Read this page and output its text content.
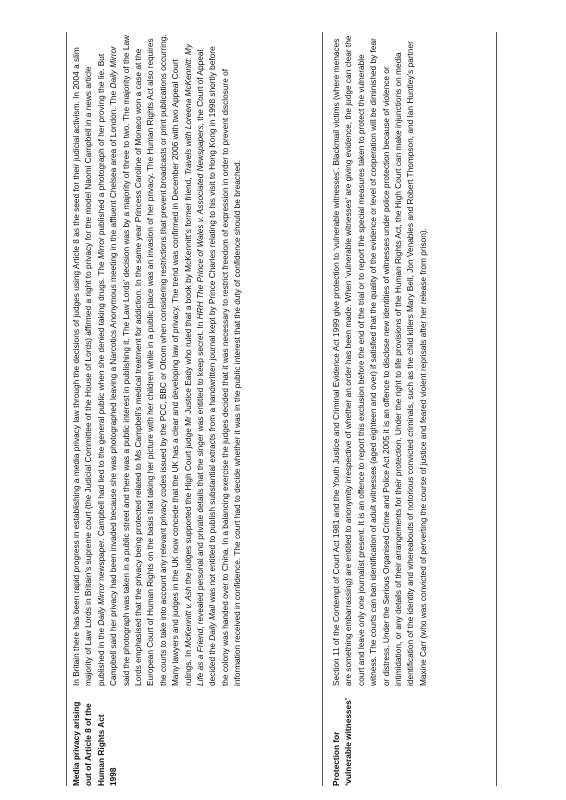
Media privacy arising out of Article 8 of the Human Rights Act 1998
In Britain there has been rapid progress in establishing a media privacy law through the decisions of judges using Article 8 as the seed for their judicial activism. In 2004 a slim majority of Law Lords in Britain’s supreme court (the Judicial Committee of the House of Lords) affirmed a right to privacy for the model Naomi Campbell in a news article published in the Daily Mirror newspaper. Campbell had lied to the general public when she denied taking drugs. The Mirror published a photograph of her proving the lie. But Campbell said her privacy had been invaded because she was photographed leaving a Narcotics Anonymous meeting in the affluent Chelsea area of London. The Daily Mirror said the photograph was taken in a public street and there was a public interest in publishing it. The Law Lords’ decision was by a majority of three to two. The majority of the Law Lords emphasised that the privacy being protected related to Ms Campbell’s medical treatment for addiction. In the same year Princess Caroline of Monaco won a case at the European Court of Human Rights on the basis that taking her picture with her children while in a public place was an invasion of her privacy. The Human Rights Act also requires the courts to take into account any relevant privacy codes issued by the PCC, BBC or Ofcom when considering restrictions that prevent broadcasts or print publications occurring. Many lawyers and judges in the UK now concede that the UK has a clear and developing law of privacy. The trend was confirmed in December 2006 with two Appeal Court rulings. In McKennitt v. Ash the judges supported the High Court judge Mr Justice Eady who ruled that a book by McKennitt’s former friend, Travels with Loreena McKennitt: My Life as a Friend, revealed personal and private details that the singer was entitled to keep secret. In HRH The Prince of Wales v. Associated Newspapers, the Court of Appeal decided the Daily Mail was not entitled to publish substantial extracts from a handwritten journal kept by Prince Charles relating to his visit to Hong Kong in 1998 shortly before the colony was handed over to China. In a balancing exercise the judges decided that it was necessary to restrict freedom of expression in order to prevent disclosure of information received in confidence. The court had to decide whether it was in the public interest that the duty of confidence should be breached.
Protection for ‘vulnerable witnesses’
Section 11 of the Contempt of Court Act 1981 and the Youth Justice and Criminal Evidence Act 1999 give protection to ‘vulnerable witnesses’. Blackmail victims (where menaces are something embarrassing) are entitled to anonymity irrespective of whether an order has been made. When ‘vulnerable witnesses’ are giving evidence, the judge can clear the court and leave only one journalist present. It is an offence to report this exclusion before the end of the trial or to report the special measures taken to protect the vulnerable witness. The courts can ban identification of adult witnesses (aged eighteen and over) if satisfied that the quality of the evidence or level of cooperation will be diminished by fear or distress. Under the Serious Organised Crime and Police Act 2005 it is an offence to disclose new identities of witnesses under police protection because of violence or intimidation, or any details of their arrangements for their protection. Under the right to life provisions of the Human Rights Act, the High Court can make injunctions on media identification of the identity and whereabouts of notorious convicted criminals, such as the child killers Mary Bell, Jon Venables and Robert Thompson, and Ian Huntley’s partner Maxine Carr (who was convicted of perverting the course of justice and feared violent reprisals after her release from prison).
